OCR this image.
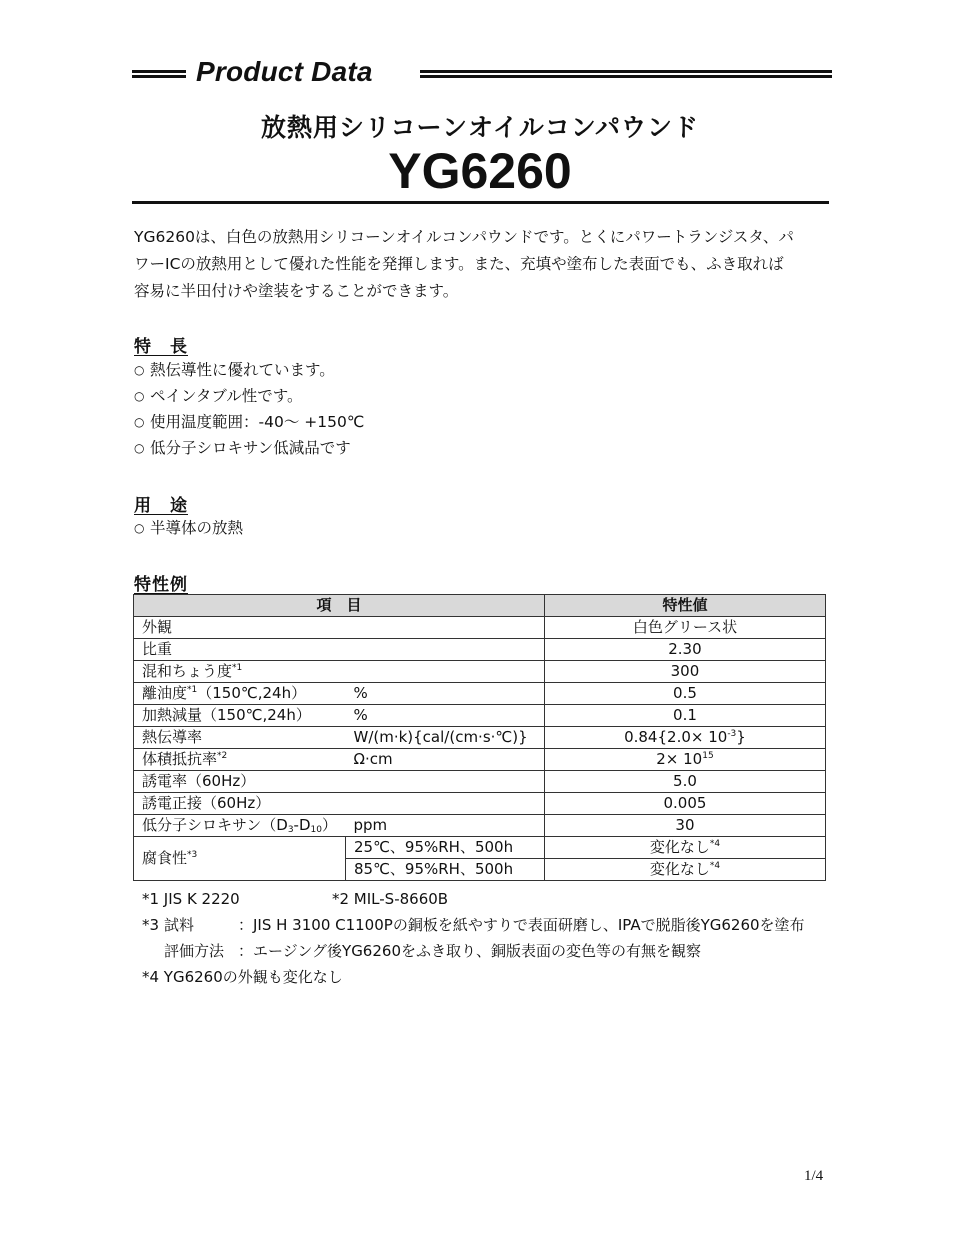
Product Data
放熱用シリコーンオイルコンパウンド
YG6260
YG6260は、白色の放熱用シリコーンオイルコンパウンドです。とくにパワートランジスタ、パ
ワーICの放熱用として優れた性能を発揮します。また、充填や塗布した表面でも、ふき取れば
容易に半田付けや塗装をすることができます。
特　長
○ 熱伝導性に優れています。
○ ペインタブル性です。
○ 使用温度範囲：-40～ +150℃
○ 低分子シロキサン低減品です
用　途
○ 半導体の放熱
特性例
項　目		特性値
外観		白色グリース状
比重		2.30
混和ちょう度$^{*1}$		300
離油度$^{*1}$（150℃,24h）	%	0.5
加熱減量（150℃,24h）	%	0.1
熱伝導率	W/(m·k){cal/(cm·s·℃)}	$0.84\{2.0\times 10^{-3}\}$
体積抵抗率$^{*2}$	Ω·cm	$2\times 10^{15}$
誘電率（60Hz）		5.0
誘電正接（60Hz）		0.005
低分子シロキサン$(D_3-D_{10})$	ppm	30
腐食性$^{*3}$	25℃、95%RH、500h	変化なし$^{*4}$
	85℃、95%RH、500h	変化なし$^{*4}$
*1 JIS K 2220	*2 MIL-S-8660B
*3 試料	：JIS H 3100 C1100Pの銅板を紙やすりで表面研磨し、IPAで脱脂後YG6260を塗布
評価方法 ：エージング後YG6260をふき取り、銅版表面の変色等の有無を観察
*4 YG6260の外観も変化なし
1/4
